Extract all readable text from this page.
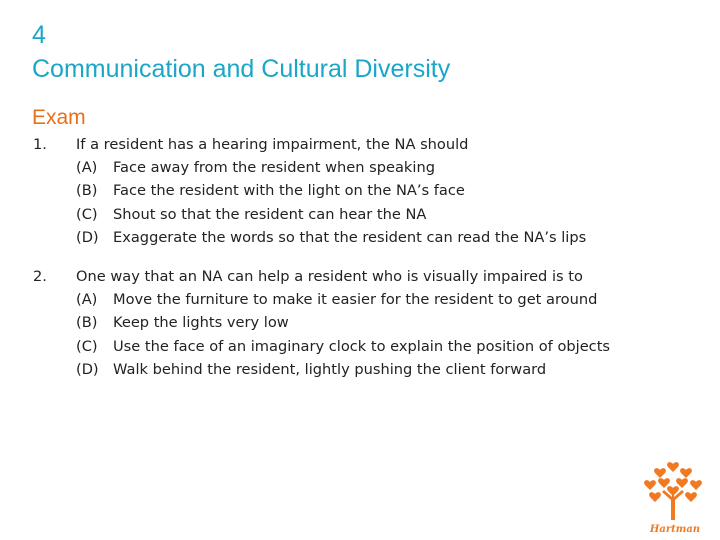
4
Communication and Cultural Diversity
Exam
1. If a resident has a hearing impairment, the NA should
(A)	Face away from the resident when speaking
(B)	Face the resident with the light on the NA’s face
(C)	Shout so that the resident can hear the NA
(D) Exaggerate the words so that the resident can read the NA’s lips
2. One way that an NA can help a resident who is visually impaired is to
(A)	Move the furniture to make it easier for the resident to get around
(B)	Keep the lights very low
(C)	Use the face of an imaginary clock to explain the position of objects
(D) Walk behind the resident, lightly pushing the client forward
Hartman
